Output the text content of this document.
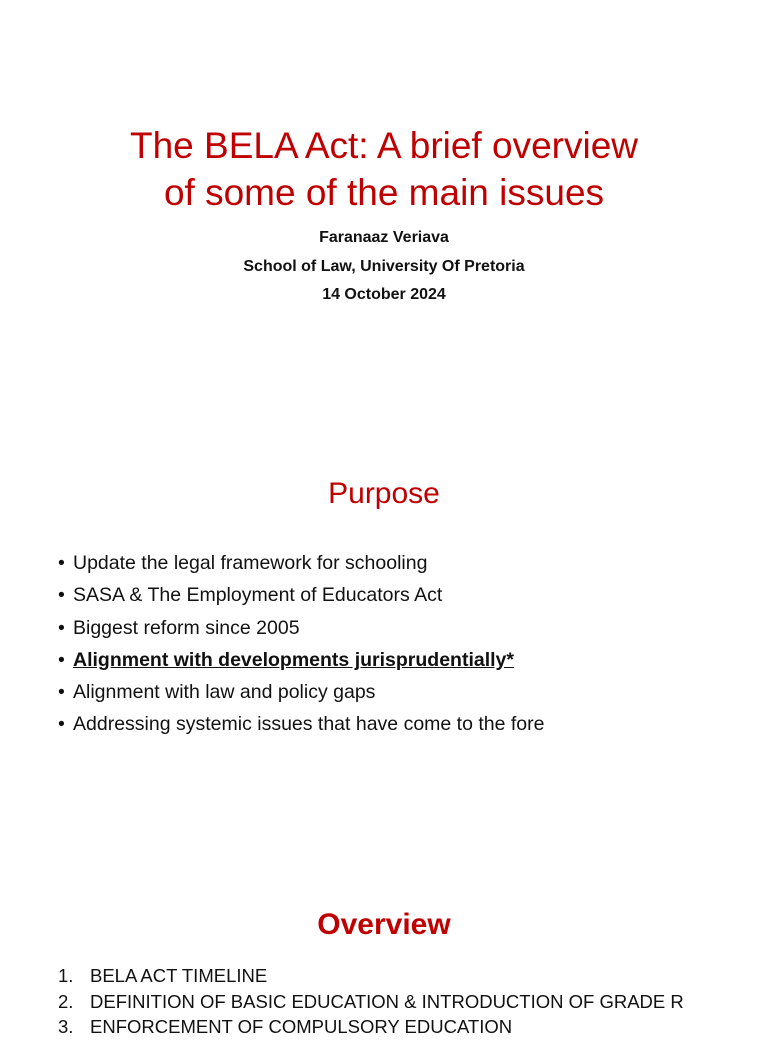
The BELA Act: A brief overview
of some of the main issues
Faranaaz Veriava
School of Law, University Of Pretoria
14 October 2024
Purpose
• Update the legal framework for schooling
• SASA & The Employment of Educators Act
• Biggest reform since 2005
• Alignment with developments jurisprudentially*
• Alignment with law and policy gaps
• Addressing systemic issues that have come to the fore
Overview
1. BELA ACT TIMELINE
2. DEFINITION OF BASIC EDUCATION & INTRODUCTION OF GRADE R
3. ENFORCEMENT OF COMPULSORY EDUCATION
